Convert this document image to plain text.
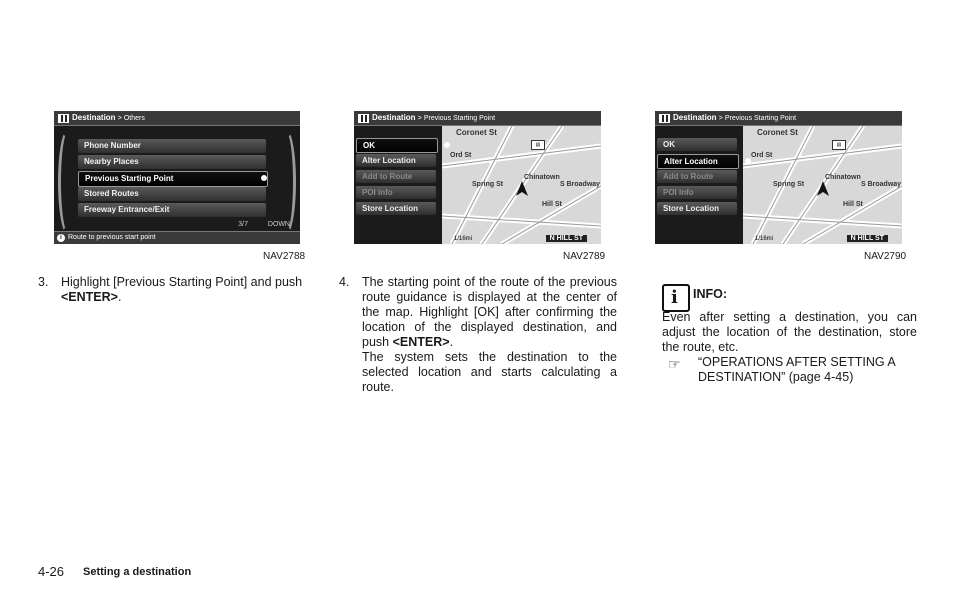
Destination > Others
Phone Number
Nearby Places
Previous Starting Point
Stored Routes
Freeway Entrance/Exit
3/7	DOWN
i Route to previous start point
Destination > Previous Starting Point
Coronet St
Chinatown
Hill St
Spring St	S Broadway
Ord St
▤
OK
Alter Location
Add to Route
POI Info
Store Location
1/16mi	N HILL ST
Destination > Previous Starting Point
Coronet St
Chinatown
Hill St
Spring St	S Broadway
Ord St
▤
OK
Alter Location
Add to Route
POI Info
Store Location
1/16mi	N HILL ST
NAV2788	NAV2789	NAV2790
3. Highlight [Previous Starting Point] and push
<ENTER>.
4. The starting point of the route of the previous route guidance is displayed at the center of the map. Highlight [OK] after confirming the location of the displayed destination, and push <ENTER>.
The system sets the destination to the selected location and starts calculating a route.
i INFO:
Even after setting a destination, you can adjust the location of the destination, store the route, etc.
☞ “OPERATIONS AFTER SETTING A DESTINATION” (page 4-45)
4-26 Setting a destination
